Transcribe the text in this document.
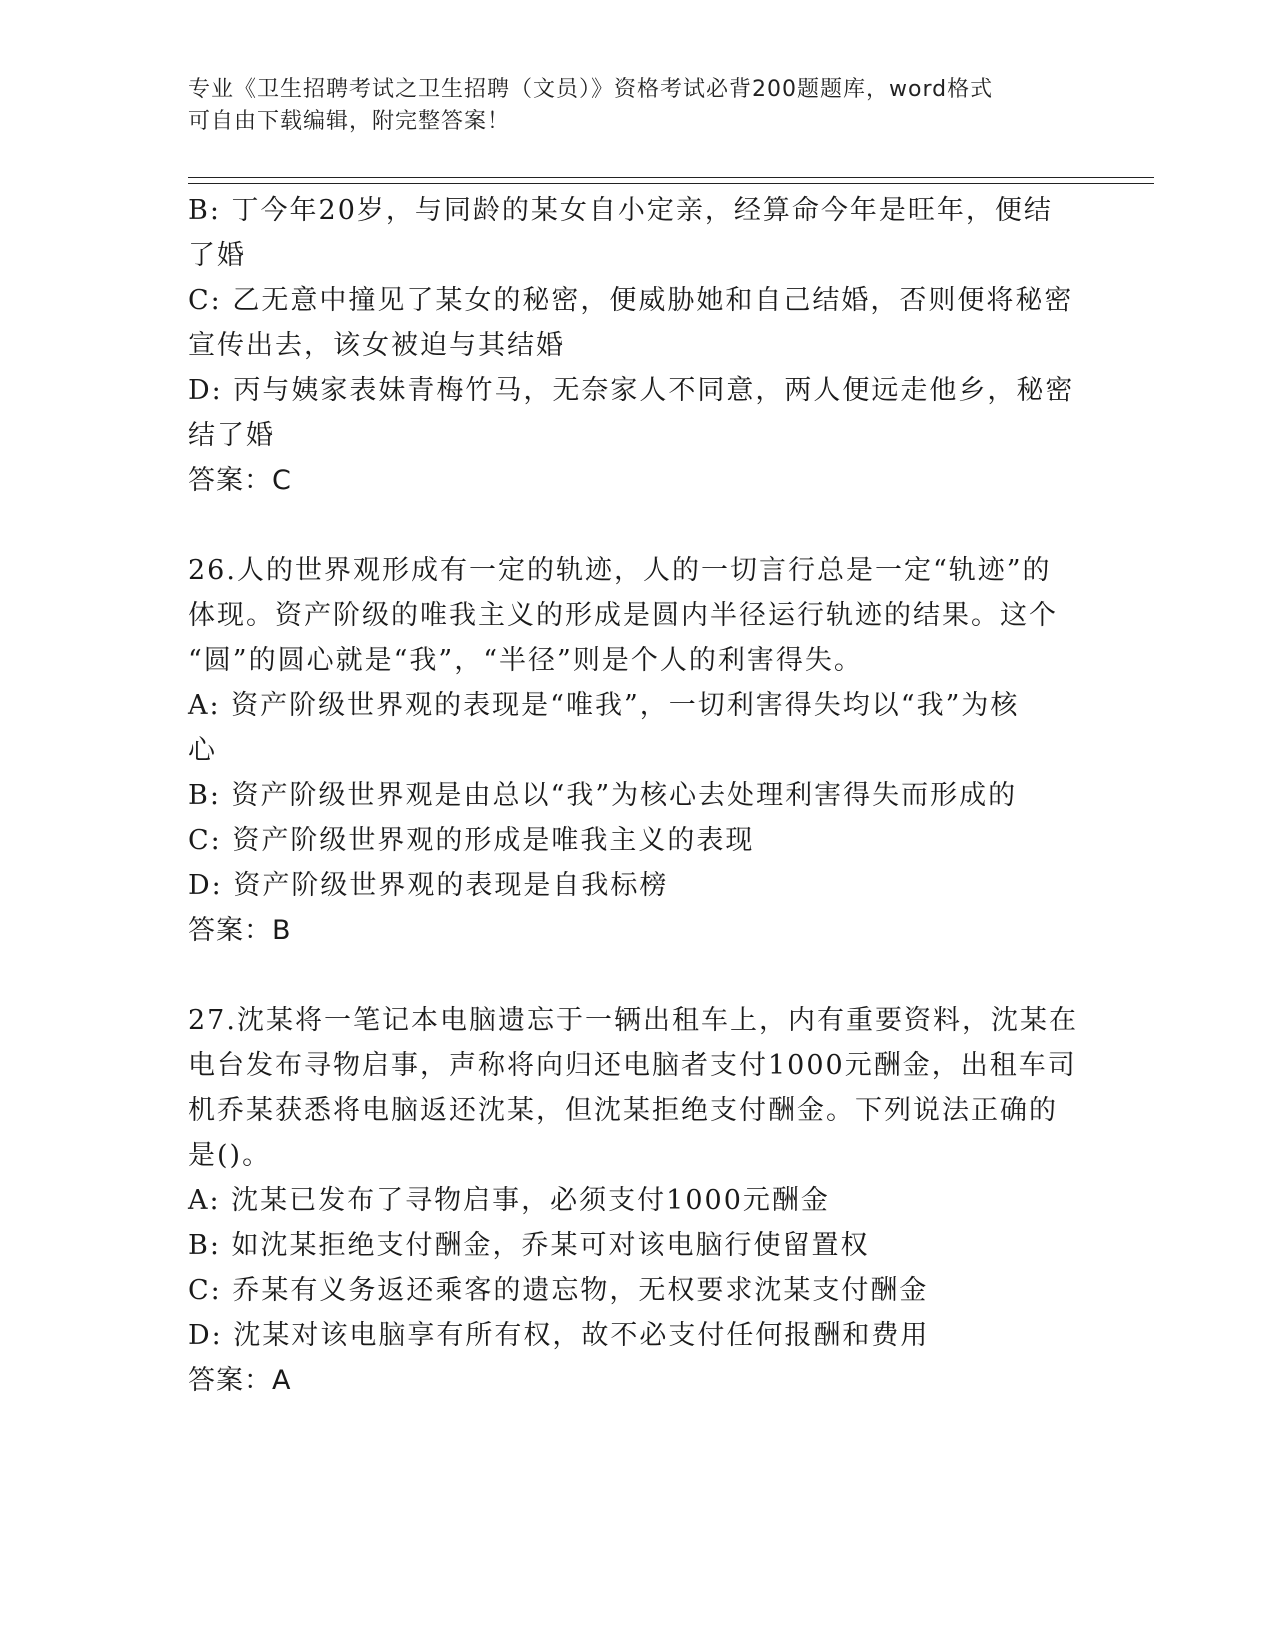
专业《卫生招聘考试之卫生招聘（文员）》资格考试必背200题题库，word格式
可自由下载编辑，附完整答案！

B: 丁今年20岁，与同龄的某女自小定亲，经算命今年是旺年，便结

了婚

C: 乙无意中撞见了某女的秘密，便威胁她和自己结婚，否则便将秘密

宣传出去，该女被迫与其结婚

D: 丙与姨家表妹青梅竹马，无奈家人不同意，两人便远走他乡，秘密

结了婚

答案：C

26.人的世界观形成有一定的轨迹，人的一切言行总是一定“轨迹”的

体现。资产阶级的唯我主义的形成是圆内半径运行轨迹的结果。这个

“圆”的圆心就是“我”，“半径”则是个人的利害得失。

A: 资产阶级世界观的表现是“唯我”，一切利害得失均以“我”为核

心

B: 资产阶级世界观是由总以“我”为核心去处理利害得失而形成的

C: 资产阶级世界观的形成是唯我主义的表现

D: 资产阶级世界观的表现是自我标榜

答案：B

27.沈某将一笔记本电脑遗忘于一辆出租车上，内有重要资料，沈某在

电台发布寻物启事，声称将向归还电脑者支付1000元酬金，出租车司

机乔某获悉将电脑返还沈某，但沈某拒绝支付酬金。下列说法正确的

是()。

A: 沈某已发布了寻物启事，必须支付1000元酬金

B: 如沈某拒绝支付酬金，乔某可对该电脑行使留置权

C: 乔某有义务返还乘客的遗忘物，无权要求沈某支付酬金

D: 沈某对该电脑享有所有权，故不必支付任何报酬和费用

答案：A
